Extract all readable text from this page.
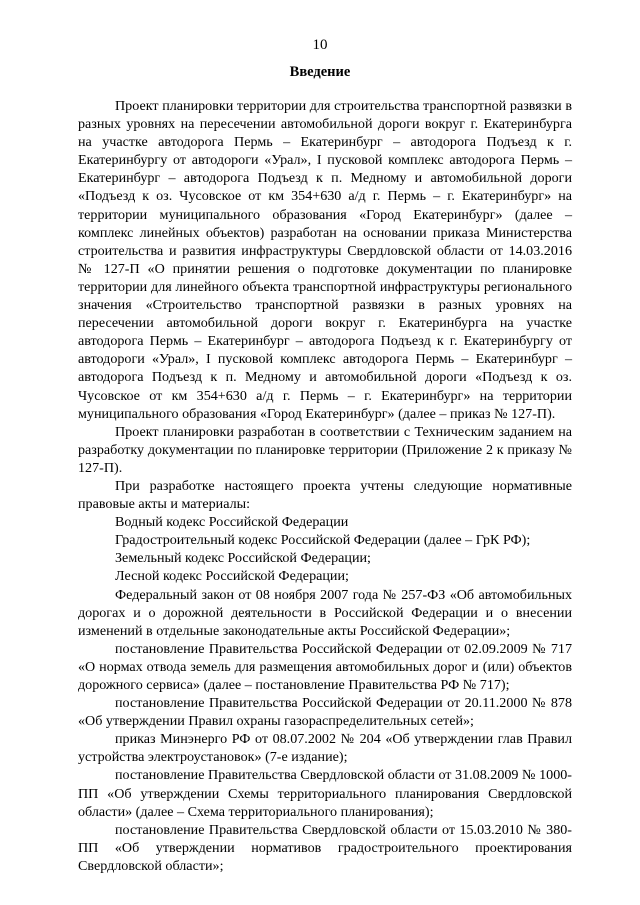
10
Введение

Проект планировки территории для строительства транспортной развязки в разных уровнях на пересечении автомобильной дороги вокруг г. Екатеринбурга на участке автодорога Пермь – Екатеринбург – автодорога Подъезд к г. Екатеринбургу от автодороги «Урал», I пусковой комплекс автодорога Пермь – Екатеринбург – автодорога Подъезд к п. Медному и автомобильной дороги «Подъезд к оз. Чусовское от км 354+630 а/д г. Пермь – г. Екатеринбург» на территории муниципального образования «Город Екатеринбург» (далее – комплекс линейных объектов) разработан на основании приказа Министерства строительства и развития инфраструктуры Свердловской области от 14.03.2016 № 127-П «О принятии решения о подготовке документации по планировке территории для линейного объекта транспортной инфраструктуры регионального значения «Строительство транспортной развязки в разных уровнях на пересечении автомобильной дороги вокруг г. Екатеринбурга на участке автодорога Пермь – Екатеринбург – автодорога Подъезд к г. Екатеринбургу от автодороги «Урал», I пусковой комплекс автодорога Пермь – Екатеринбург – автодорога Подъезд к п. Медному и автомобильной дороги «Подъезд к оз. Чусовское от км 354+630 а/д г. Пермь – г. Екатеринбург» на территории муниципального образования «Город Екатеринбург» (далее – приказ № 127-П).

Проект планировки разработан в соответствии с Техническим заданием на разработку документации по планировке территории (Приложение 2 к приказу № 127-П).

При разработке настоящего проекта учтены следующие нормативные правовые акты и материалы:

Водный кодекс Российской Федерации

Градостроительный кодекс Российской Федерации (далее – ГрК РФ);

Земельный кодекс Российской Федерации;

Лесной кодекс Российской Федерации;

Федеральный закон от 08 ноября 2007 года № 257-ФЗ «Об автомобильных дорогах и о дорожной деятельности в Российской Федерации и о внесении изменений в отдельные законодательные акты Российской Федерации»;

постановление Правительства Российской Федерации от 02.09.2009 № 717 «О нормах отвода земель для размещения автомобильных дорог и (или) объектов дорожного сервиса» (далее – постановление Правительства РФ № 717);

постановление Правительства Российской Федерации от 20.11.2000 № 878 «Об утверждении Правил охраны газораспределительных сетей»;

приказ Минэнерго РФ от 08.07.2002 № 204 «Об утверждении глав Правил устройства электроустановок» (7-е издание);

постановление Правительства Свердловской области от 31.08.2009 № 1000-ПП «Об утверждении Схемы территориального планирования Свердловской области» (далее – Схема территориального планирования);

постановление Правительства Свердловской области от 15.03.2010 № 380-ПП «Об утверждении нормативов градостроительного проектирования Свердловской области»;
